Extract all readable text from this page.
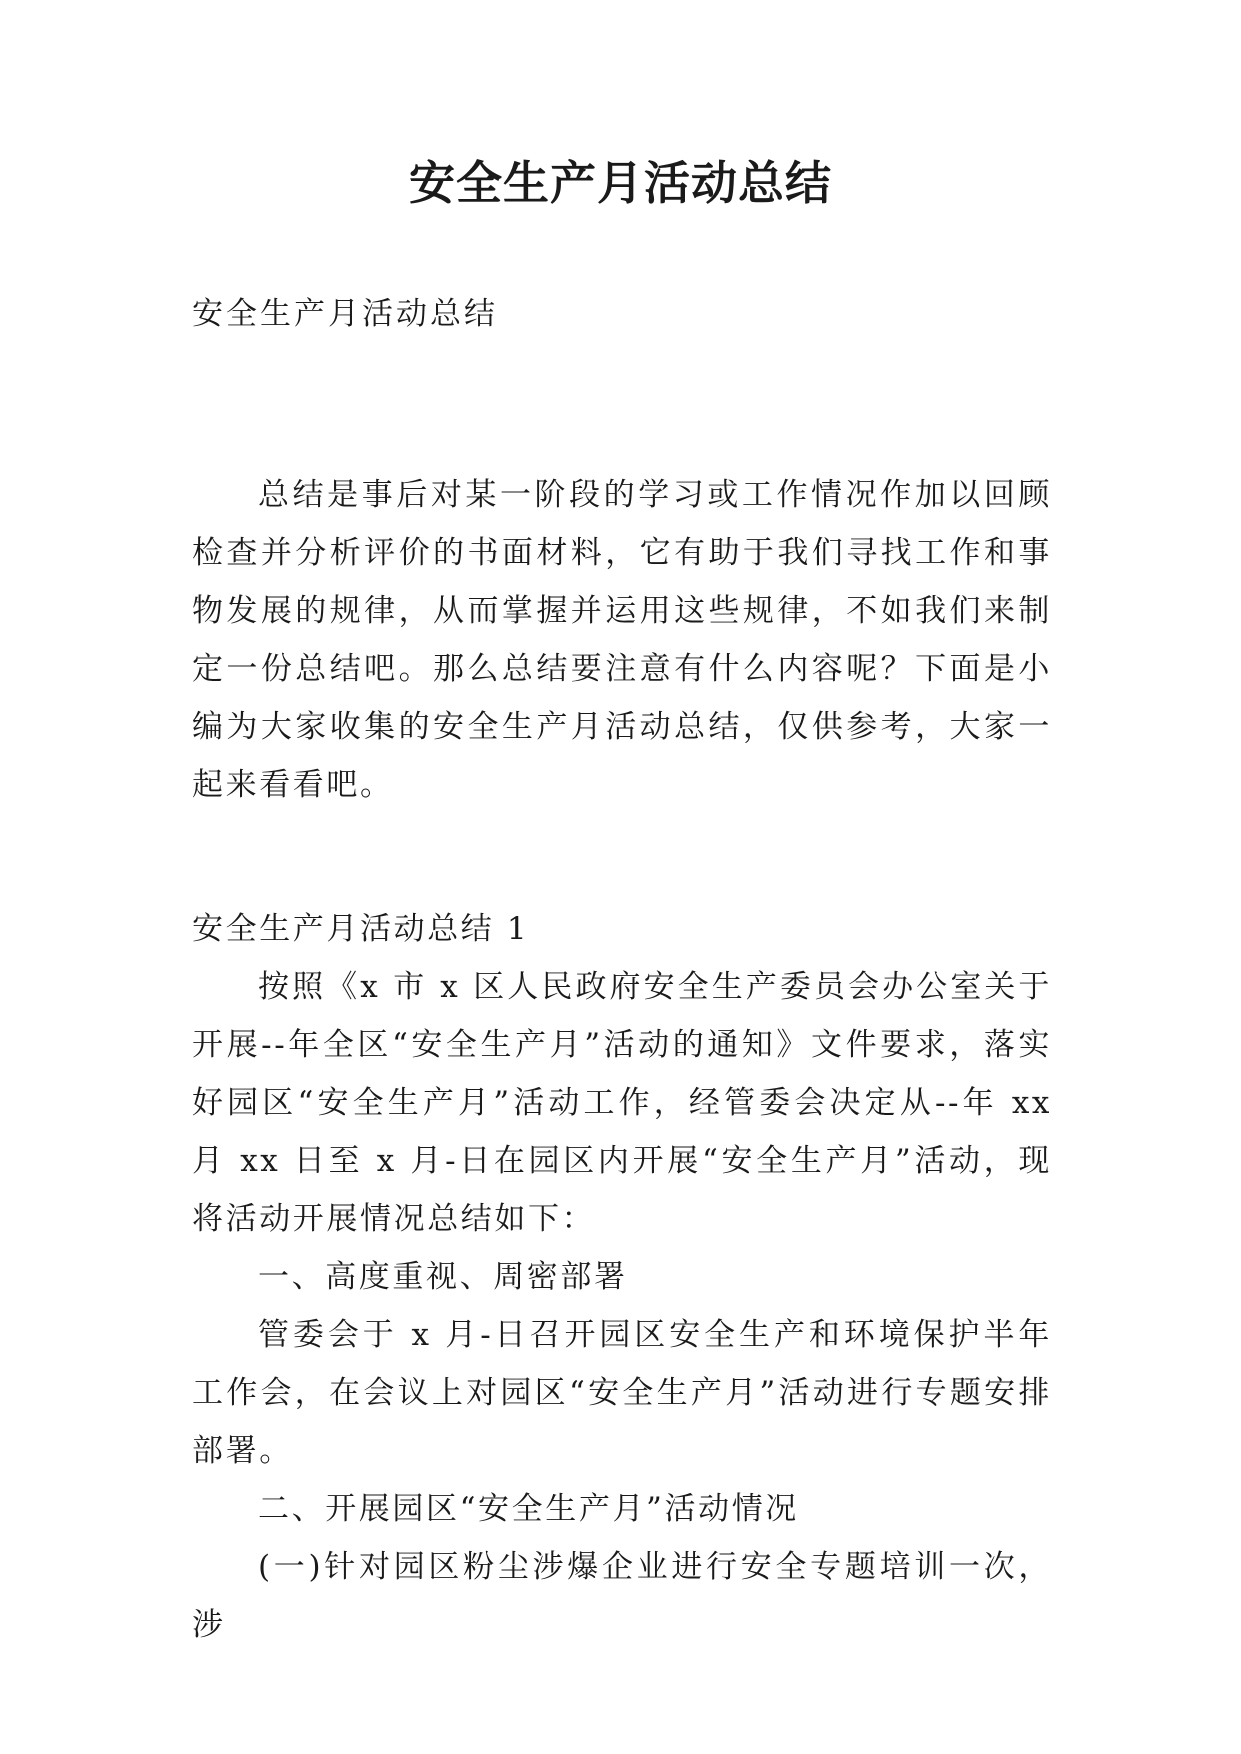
安全生产月活动总结

安全生产月活动总结

总结是事后对某一阶段的学习或工作情况作加以回顾检查并分析评价的书面材料，它有助于我们寻找工作和事物发展的规律，从而掌握并运用这些规律，不如我们来制定一份总结吧。那么总结要注意有什么内容呢？下面是小编为大家收集的安全生产月活动总结，仅供参考，大家一起来看看吧。

安全生产月活动总结 1

按照《x 市 x 区人民政府安全生产委员会办公室关于开展--年全区“安全生产月”活动的通知》文件要求，落实好园区“安全生产月”活动工作，经管委会决定从--年 xx 月 xx 日至 x 月-日在园区内开展“安全生产月”活动，现将活动开展情况总结如下：

一、高度重视、周密部署

管委会于 x 月-日召开园区安全生产和环境保护半年工作会，在会议上对园区“安全生产月”活动进行专题安排部署。

二、开展园区“安全生产月”活动情况

(一)针对园区粉尘涉爆企业进行安全专题培训一次，涉
